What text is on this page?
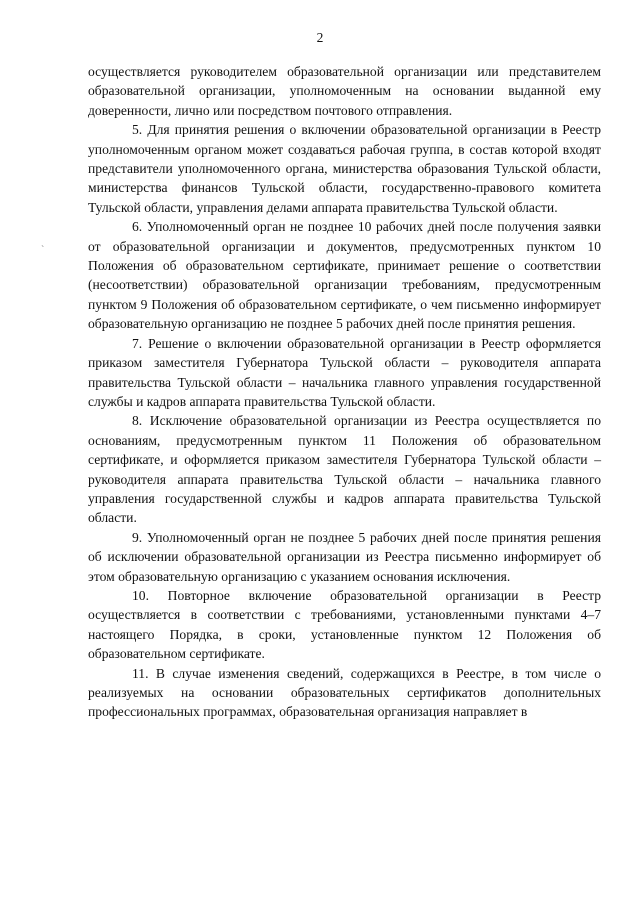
2
`

осуществляется руководителем образовательной организации или представителем образовательной организации, уполномоченным на основании выданной ему доверенности, лично или посредством почтового отправления.

5. Для принятия решения о включении образовательной организации в Реестр уполномоченным органом может создаваться рабочая группа, в состав которой входят представители уполномоченного органа, министерства образования Тульской области, министерства финансов Тульской области, государственно-правового комитета Тульской области, управления делами аппарата правительства Тульской области.

6. Уполномоченный орган не позднее 10 рабочих дней после получения заявки от образовательной организации и документов, предусмотренных пунктом 10 Положения об образовательном сертификате, принимает решение о соответствии (несоответствии) образовательной организации требованиям, предусмотренным пунктом 9 Положения об образовательном сертификате, о чем письменно информирует образовательную организацию не позднее 5 рабочих дней после принятия решения.

7. Решение о включении образовательной организации в Реестр оформляется приказом заместителя Губернатора Тульской области – руководителя аппарата правительства Тульской области – начальника главного управления государственной службы и кадров аппарата правительства Тульской области.

8. Исключение образовательной организации из Реестра осуществляется по основаниям, предусмотренным пунктом 11 Положения об образовательном сертификате, и оформляется приказом заместителя Губернатора Тульской области – руководителя аппарата правительства Тульской области – начальника главного управления государственной службы и кадров аппарата правительства Тульской области.

9. Уполномоченный орган не позднее 5 рабочих дней после принятия решения об исключении образовательной организации из Реестра письменно информирует об этом образовательную организацию с указанием основания исключения.

10. Повторное включение образовательной организации в Реестр осуществляется в соответствии с требованиями, установленными пунктами 4–7 настоящего Порядка, в сроки, установленные пунктом 12 Положения об образовательном сертификате.

11. В случае изменения сведений, содержащихся в Реестре, в том числе о реализуемых на основании образовательных сертификатов дополнительных профессиональных программах, образовательная организация направляет в
